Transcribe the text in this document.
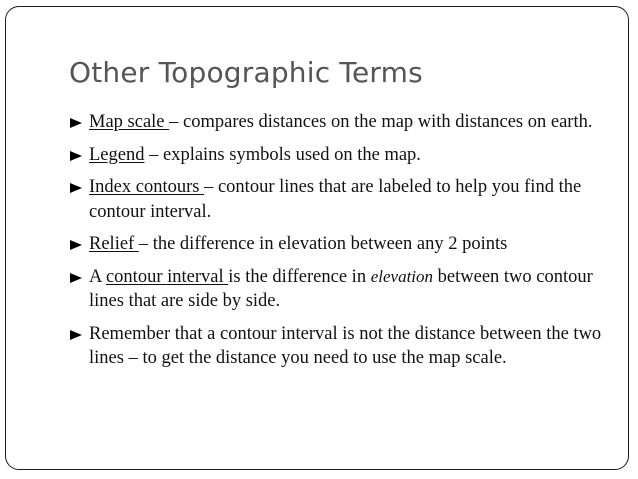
Other Topographic Terms
Map scale – compares distances on the map with distances on earth.
Legend – explains symbols used on the map.
Index contours – contour lines that are labeled to help you find the contour interval.
Relief – the difference in elevation between any 2 points
A contour interval is the difference in elevation between two contour lines that are side by side.
Remember that a contour interval is not the distance between the two lines – to get the distance you need to use the map scale.
